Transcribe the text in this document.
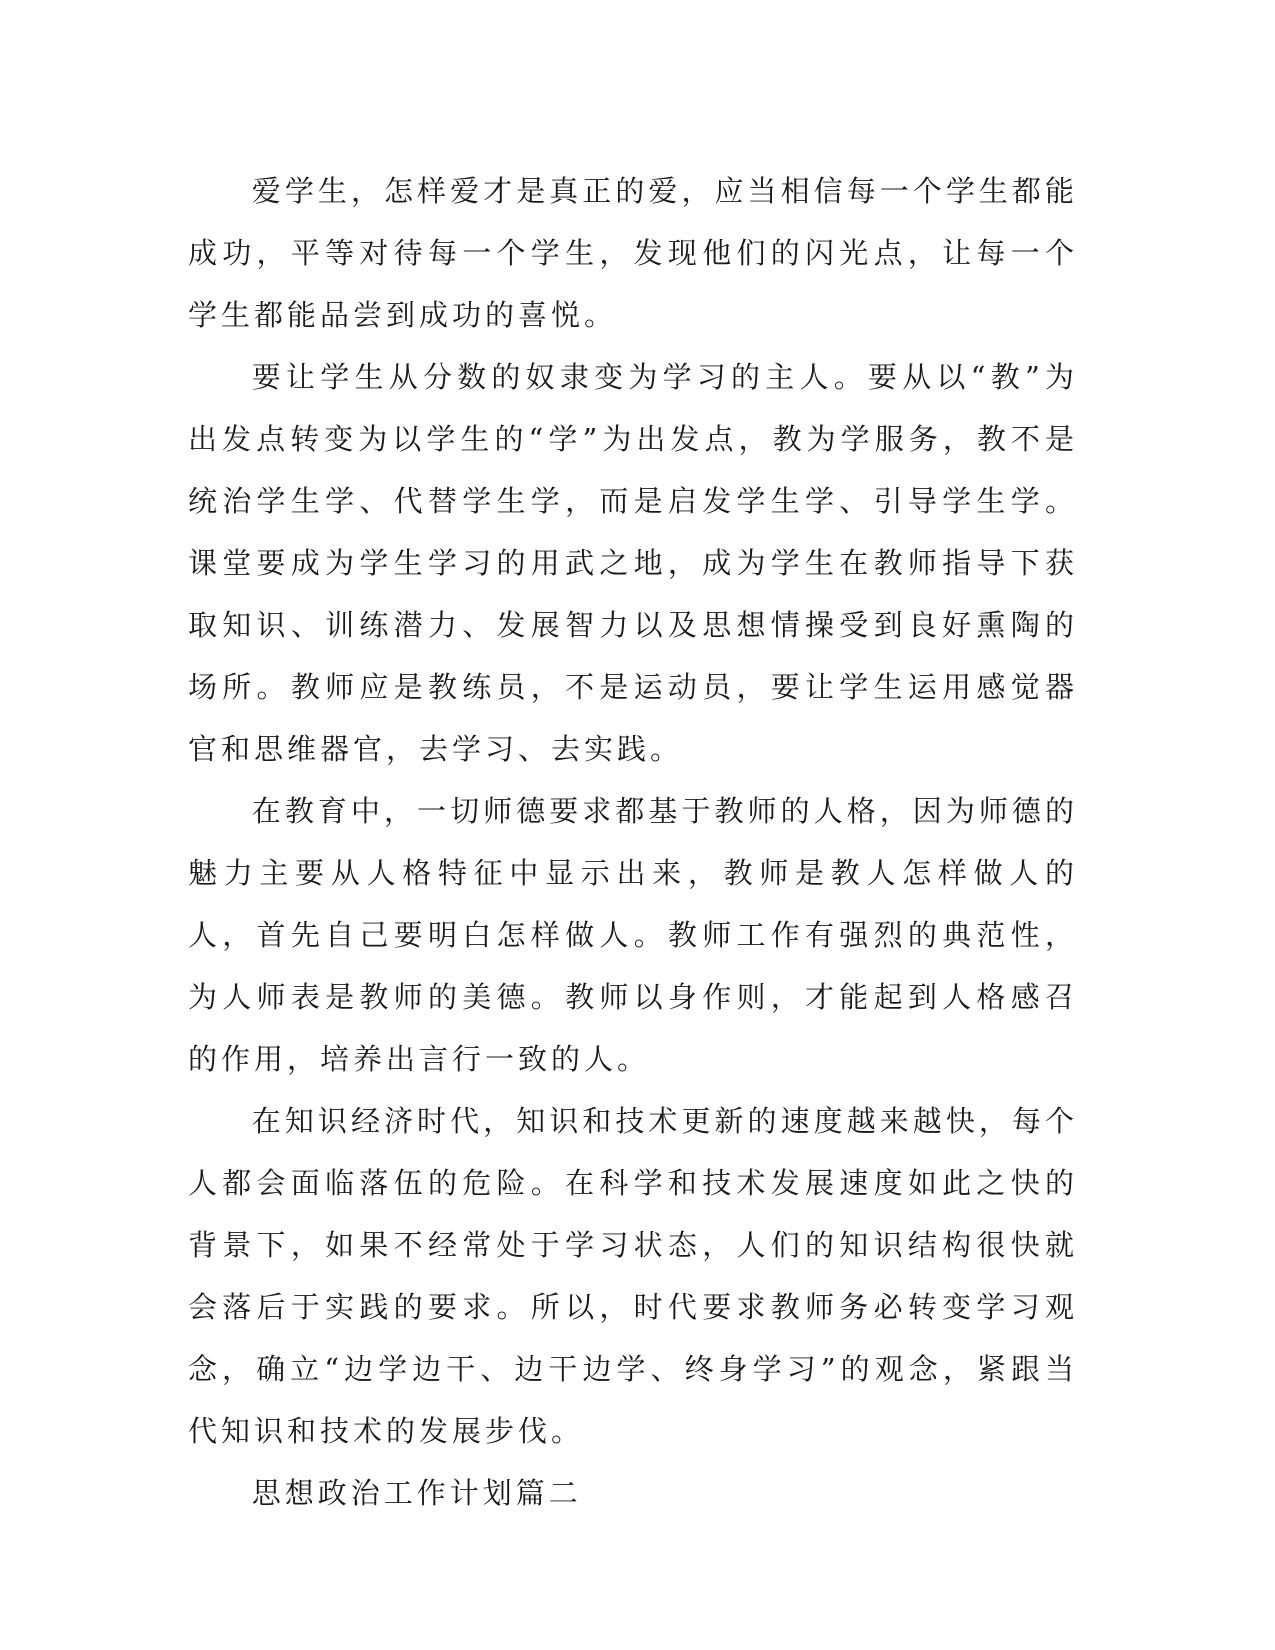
爱学生，怎样爱才是真正的爱，应当相信每一个学生都能成功，平等对待每一个学生，发现他们的闪光点，让每一个学生都能品尝到成功的喜悦。

要让学生从分数的奴隶变为学习的主人。要从以“教”为出发点转变为以学生的“学”为出发点，教为学服务，教不是统治学生学、代替学生学，而是启发学生学、引导学生学。课堂要成为学生学习的用武之地，成为学生在教师指导下获取知识、训练潜力、发展智力以及思想情操受到良好熏陶的场所。教师应是教练员，不是运动员，要让学生运用感觉器官和思维器官，去学习、去实践。

在教育中，一切师德要求都基于教师的人格，因为师德的魅力主要从人格特征中显示出来，教师是教人怎样做人的人，首先自己要明白怎样做人。教师工作有强烈的典范性，为人师表是教师的美德。教师以身作则，才能起到人格感召的作用，培养出言行一致的人。

在知识经济时代，知识和技术更新的速度越来越快，每个人都会面临落伍的危险。在科学和技术发展速度如此之快的背景下，如果不经常处于学习状态，人们的知识结构很快就会落后于实践的要求。所以，时代要求教师务必转变学习观念，确立“边学边干、边干边学、终身学习”的观念，紧跟当代知识和技术的发展步伐。

思想政治工作计划篇二
